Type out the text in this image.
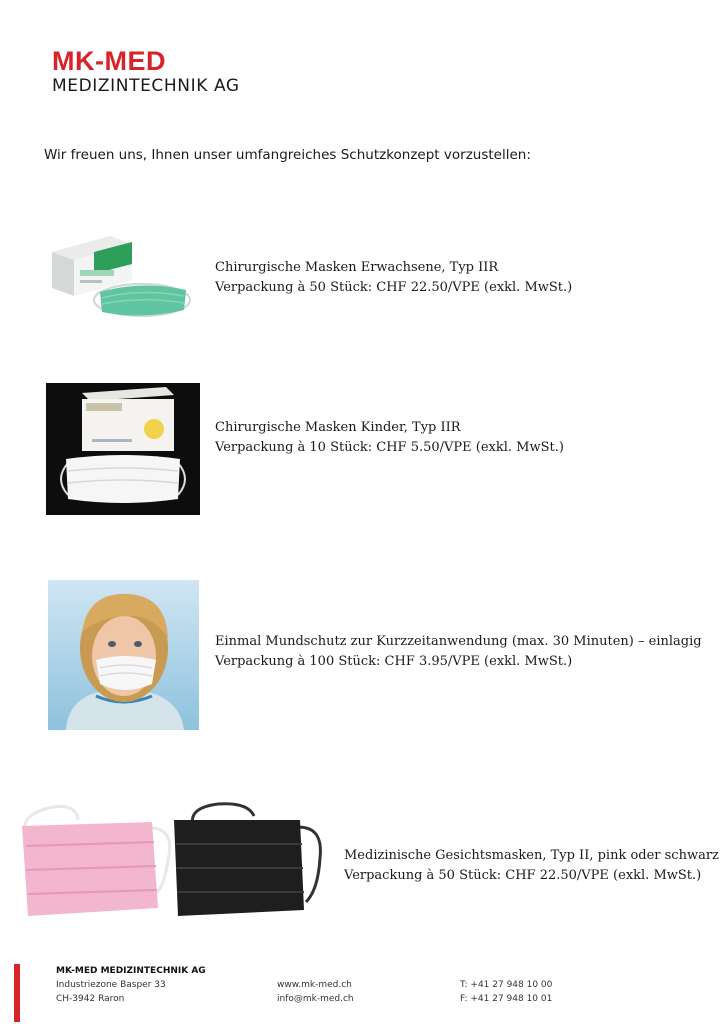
MK-MED
MEDIZINTECHNIK AG
Wir freuen uns, Ihnen unser umfangreiches Schutzkonzept vorzustellen:
Chirurgische Masken Erwachsene, Typ IIR
Verpackung à 50 Stück: CHF 22.50/VPE (exkl. MwSt.)
Chirurgische Masken Kinder, Typ IIR
Verpackung à 10 Stück: CHF 5.50/VPE (exkl. MwSt.)
Einmal Mundschutz zur Kurzzeitanwendung (max. 30 Minuten) – einlagig
Verpackung à 100 Stück: CHF 3.95/VPE (exkl. MwSt.)
Medizinische Gesichtsmasken, Typ II, pink oder schwarz
Verpackung à 50 Stück: CHF 22.50/VPE (exkl. MwSt.)
MK-MED MEDIZINTECHNIK AG
Industriezone Basper 33
CH-3942 Raron
www.mk-med.ch
info@mk-med.ch
T: +41 27 948 10 00
F: +41 27 948 10 01
